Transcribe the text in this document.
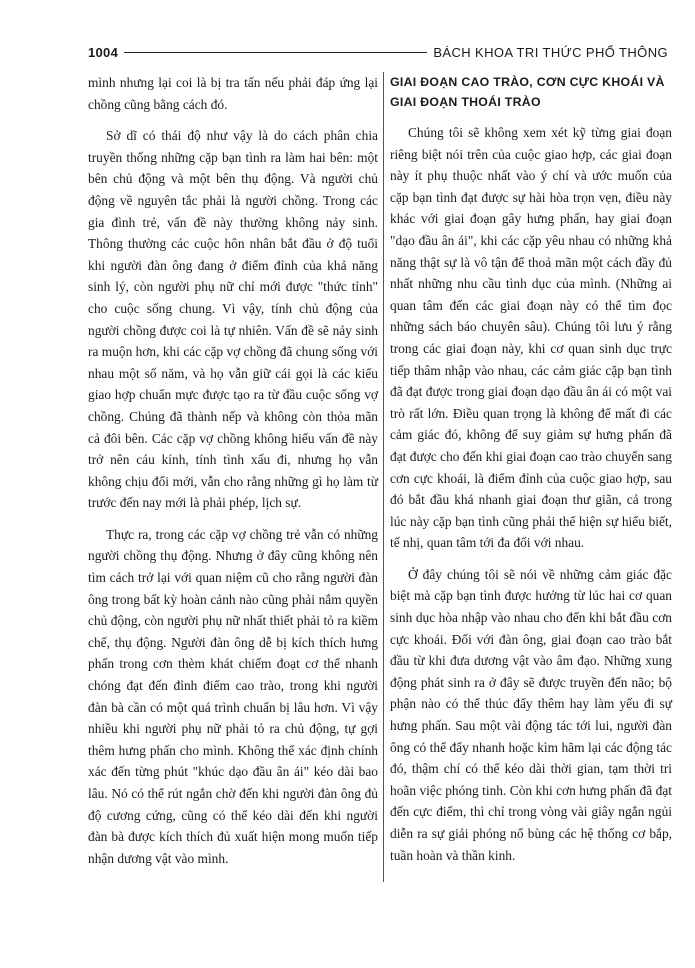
1004	BÁCH KHOA TRI THỨC PHỔ THÔNG

mình nhưng lại coi là bị tra tấn nếu phải đáp ứng lại chồng cũng bằng cách đó.

Sở dĩ có thái độ như vậy là do cách phân chia truyền thống những cặp bạn tình ra làm hai bên: một bên chủ động và một bên thụ động. Và người chủ động về nguyên tắc phải là người chồng. Trong các gia đình trẻ, vấn đề này thường không nảy sinh. Thông thường các cuộc hôn nhân bắt đầu ở độ tuổi khi người đàn ông đang ở điểm đỉnh của khả năng sinh lý, còn người phụ nữ chỉ mới được "thức tỉnh" cho cuộc sống chung. Vì vậy, tính chủ động của người chồng được coi là tự nhiên. Vấn đề sẽ nảy sinh ra muộn hơn, khi các cặp vợ chồng đã chung sống với nhau một số năm, và họ vẫn giữ cái gọi là các kiểu giao hợp chuẩn mực được tạo ra từ đầu cuộc sống vợ chồng. Chúng đã thành nếp và không còn thỏa mãn cả đôi bên. Các cặp vợ chồng không hiểu vấn đề này trở nên cáu kính, tính tình xấu đi, nhưng họ vẫn không chịu đổi mới, vẫn cho rằng những gì họ làm từ trước đến nay mới là phải phép, lịch sự.

Thực ra, trong các cặp vợ chồng trẻ vẫn có những người chồng thụ động. Nhưng ở đây cũng không nên tìm cách trở lại với quan niệm cũ cho rằng người đàn ông trong bất kỳ hoàn cảnh nào cũng phải nắm quyền chủ động, còn người phụ nữ nhất thiết phải tỏ ra kiềm chế, thụ động. Người đàn ông dễ bị kích thích hưng phấn trong cơn thèm khát chiếm đoạt cơ thể nhanh chóng đạt đến đỉnh điểm cao trào, trong khi người đàn bà cần có một quá trình chuẩn bị lâu hơn. Vì vậy nhiều khi người phụ nữ phải tỏ ra chủ động, tự gợi thêm hưng phấn cho mình. Không thể xác định chính xác đến từng phút "khúc dạo đầu ân ái" kéo dài bao lâu. Nó có thể rút ngắn chờ đến khi người đàn ông đủ độ cương cứng, cũng có thể kéo dài đến khi người đàn bà được kích thích đủ xuất hiện mong muốn tiếp nhận dương vật vào mình.

GIAI ĐOẠN CAO TRÀO, CƠN CỰC KHOÁI VÀ GIAI ĐOẠN THOÁI TRÀO

Chúng tôi sẽ không xem xét kỹ từng giai đoạn riêng biệt nói trên của cuộc giao hợp, các giai đoạn này ít phụ thuộc nhất vào ý chí và ước muốn của cặp bạn tình đạt được sự hài hòa trọn vẹn, điều này khác với giai đoạn gây hưng phấn, hay giai đoạn "dạo đầu ân ái", khi các cặp yêu nhau có những khả năng thật sự là vô tận để thoả mãn một cách đầy đủ nhất những nhu cầu tình dục của mình. (Những ai quan tâm đến các giai đoạn này có thể tìm đọc những sách báo chuyên sâu). Chúng tôi lưu ý rằng trong các giai đoạn này, khi cơ quan sinh dục trực tiếp thâm nhập vào nhau, các cảm giác cặp bạn tình đã đạt được trong giai đoạn dạo đầu ân ái có một vai trò rất lớn. Điều quan trọng là không để mất đi các cảm giác đó, không để suy giảm sự hưng phấn đã đạt được cho đến khi giai đoạn cao trào chuyển sang cơn cực khoái, là điểm đỉnh của cuộc giao hợp, sau đó bắt đầu khá nhanh giai đoạn thư giãn, cả trong lúc này cặp bạn tình cũng phải thể hiện sự hiểu biết, tế nhị, quan tâm tới đa đối với nhau.

Ở đây chúng tôi sẽ nói về những cảm giác đặc biệt mà cặp bạn tình được hưởng từ lúc hai cơ quan sinh dục hòa nhập vào nhau cho đến khi bắt đầu cơn cực khoái. Đối với đàn ông, giai đoạn cao trào bắt đầu từ khi đưa dương vật vào âm đạo. Những xung động phát sinh ra ở đây sẽ được truyền đến não; bộ phận nào có thể thúc đẩy thêm hay làm yếu đi sự hưng phấn. Sau một vài động tác tới lui, người đàn ông có thể đẩy nhanh hoặc kìm hãm lại các động tác đó, thậm chí có thể kéo dài thời gian, tạm thời tri hoãn việc phóng tinh. Còn khi cơn hưng phấn đã đạt đến cực điểm, thì chỉ trong vòng vài giây ngắn ngủi diễn ra sự giải phóng nổ bùng các hệ thống cơ bắp, tuần hoàn và thần kinh.
